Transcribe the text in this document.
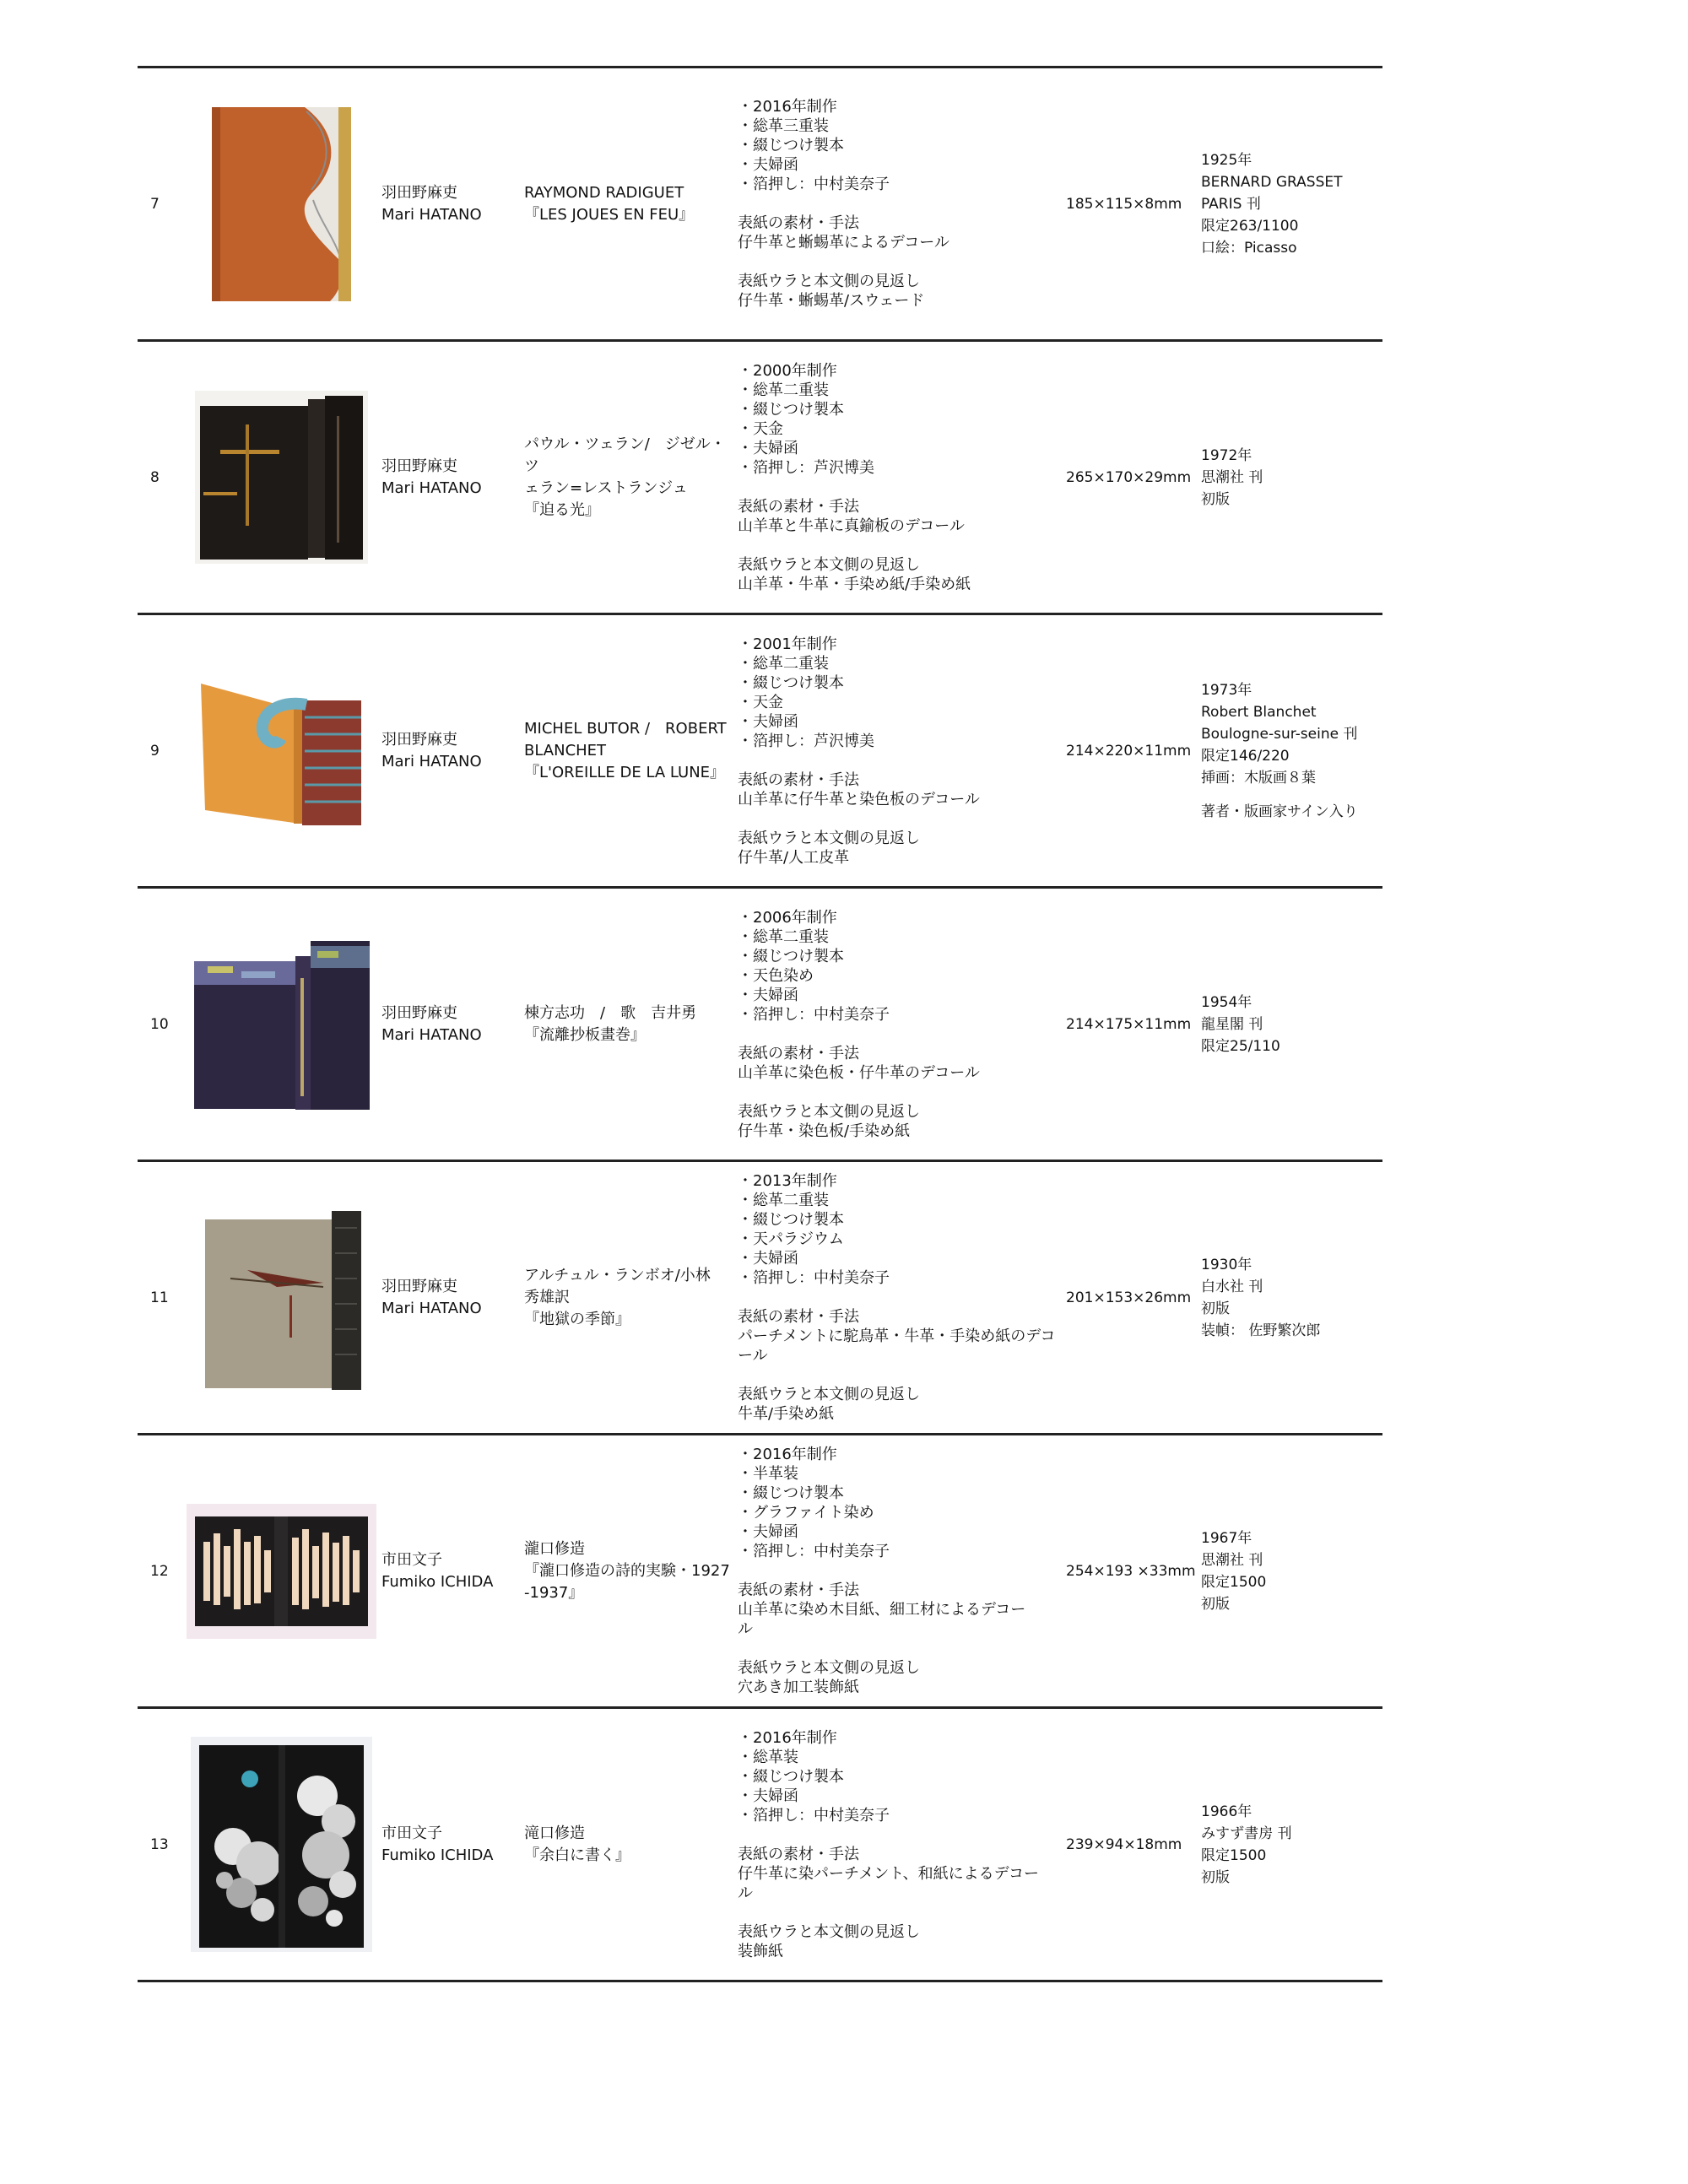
7
羽田野麻吏
Mari HATANO
RAYMOND RADIGUET
『LES JOUES EN FEU』
・2016年制作
・総革三重装
・綴じつけ製本
・夫婦函
・箔押し：中村美奈子
表紙の素材・手法
仔牛革と蜥蜴革によるデコール
表紙ウラと本文側の見返し
仔牛革・蜥蜴革/スウェード
185×115×8mm
1925年
BERNARD GRASSET
PARIS 刊
限定263/1100
口絵：Picasso
8
羽田野麻吏
Mari HATANO
パウル・ツェラン/　ジゼル・ツ
ェラン=レストランジュ
『迫る光』
・2000年制作
・総革二重装
・綴じつけ製本
・天金
・夫婦函
・箔押し：芦沢博美
表紙の素材・手法
山羊革と牛革に真鍮板のデコール
表紙ウラと本文側の見返し
山羊革・牛革・手染め紙/手染め紙
265×170×29mm
1972年
思潮社 刊
初版
9
羽田野麻吏
Mari HATANO
MICHEL BUTOR /　ROBERT
BLANCHET
『L'OREILLE DE LA LUNE』
・2001年制作
・総革二重装
・綴じつけ製本
・天金
・夫婦函
・箔押し：芦沢博美
表紙の素材・手法
山羊革に仔牛革と染色板のデコール
表紙ウラと本文側の見返し
仔牛革/人工皮革
214×220×11mm
1973年
Robert Blanchet
Boulogne-sur-seine 刊
限定146/220
挿画：木版画８葉
著者・版画家サイン入り
10
羽田野麻吏
Mari HATANO
棟方志功　/　歌　吉井勇
『流離抄板畫巻』
・2006年制作
・総革二重装
・綴じつけ製本
・天色染め
・夫婦函
・箔押し：中村美奈子
表紙の素材・手法
山羊革に染色板・仔牛革のデコール
表紙ウラと本文側の見返し
仔牛革・染色板/手染め紙
214×175×11mm
1954年
龍星閣 刊
限定25/110
11
羽田野麻吏
Mari HATANO
アルチュル・ランボオ/小林
秀雄訳
『地獄の季節』
・2013年制作
・総革二重装
・綴じつけ製本
・天パラジウム
・夫婦函
・箔押し：中村美奈子
表紙の素材・手法
パーチメントに駝鳥革・牛革・手染め紙のデコ
ール
表紙ウラと本文側の見返し
牛革/手染め紙
201×153×26mm
1930年
白水社 刊
初版
装幀： 佐野繁次郎
12
市田文子
Fumiko ICHIDA
瀧口修造
『瀧口修造の詩的実験・1927
-1937』
・2016年制作
・半革装
・綴じつけ製本
・グラファイト染め
・夫婦函
・箔押し：中村美奈子
表紙の素材・手法
山羊革に染め木目紙、細工材によるデコー
ル
表紙ウラと本文側の見返し
穴あき加工装飾紙
254×193 ×33mm
1967年
思潮社 刊
限定1500
初版
13
市田文子
Fumiko ICHIDA
滝口修造
『余白に書く』
・2016年制作
・総革装
・綴じつけ製本
・夫婦函
・箔押し：中村美奈子
表紙の素材・手法
仔牛革に染パーチメント、和紙によるデコー
ル
表紙ウラと本文側の見返し
装飾紙
239×94×18mm
1966年
みすず書房 刊
限定1500
初版
